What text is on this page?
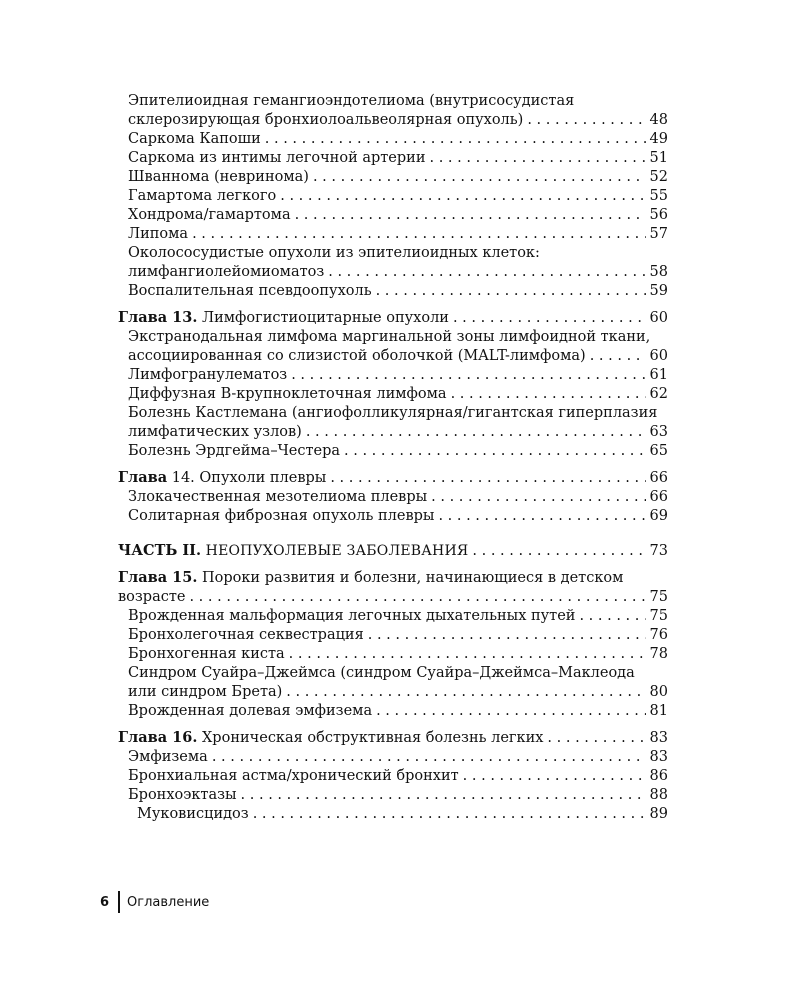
Эпителиоидная гемангиоэндотелиома (внутрисосудистая
склерозирующая бронхиолоальвеолярная опухоль) . . .	48
Саркома Капоши . . .	49
Саркома из интимы легочной артерии . . .	51
Шваннома (невринома) . . .	52
Гамартома легкого . . .	55
Хондрома/гамартома . . .	56
Липома . . .	57
Околососудистые опухоли из эпителиоидных клеток:
лимфангиолейомиоматоз . . .	58
Воспалительная псевдоопухоль . . .	59
Глава 13. Лимфогистиоцитарные опухоли . . .	60
Экстранодальная лимфома маргинальной зоны лимфоидной ткани,
ассоциированная со слизистой оболочкой (MALT-лимфома) . . .	60
Лимфогранулематоз . . .	61
Диффузная В-крупноклеточная лимфома . . .	62
Болезнь Кастлемана (ангиофолликулярная/гигантская гиперплазия
лимфатических узлов) . . .	63
Болезнь Эрдгейма–Честера . . .	65
Глава 14. Опухоли плевры . . .	66
Злокачественная мезотелиома плевры . . .	66
Солитарная фиброзная опухоль плевры . . .	69
ЧАСТЬ II. НЕОПУХОЛЕВЫЕ ЗАБОЛЕВАНИЯ . . .	73
Глава 15. Пороки развития и болезни, начинающиеся в детском
возрасте . . .	75
Врожденная мальформация легочных дыхательных путей . . .	75
Бронхолегочная секвестрация . . .	76
Бронхогенная киста . . .	78
Синдром Суайра–Джеймса (синдром Суайра–Джеймса–Маклеода
или синдром Брета) . . .	80
Врожденная долевая эмфизема . . .	81
Глава 16. Хроническая обструктивная болезнь легких . . .	83
Эмфизема . . .	83
Бронхиальная астма/хронический бронхит . . .	86
Бронхоэктазы . . .	88
Муковисцидоз . . .	89
6 Оглавление
